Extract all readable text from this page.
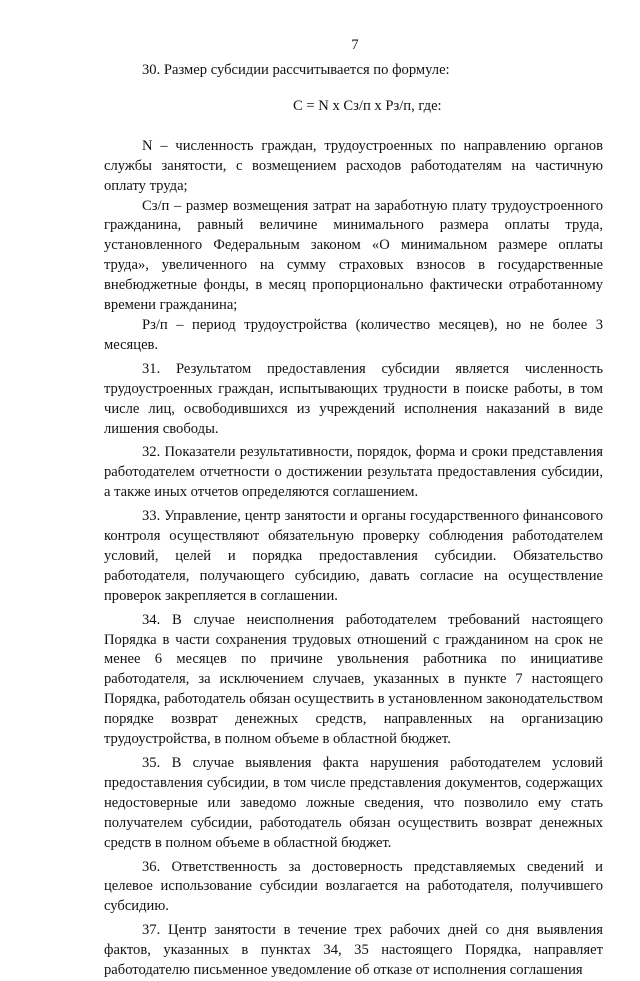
7

30. Размер субсидии рассчитывается по формуле:

С = N х Сз/п х Рз/п, где:

N – численность граждан, трудоустроенных по направлению органов службы занятости, с возмещением расходов работодателям на частичную оплату труда;

Сз/п – размер возмещения затрат на заработную плату трудоустроенного гражданина, равный величине минимального размера оплаты труда, установленного Федеральным законом «О минимальном размере оплаты труда», увеличенного на сумму страховых взносов в государственные внебюджетные фонды, в месяц пропорционально фактически отработанному времени гражданина;

Рз/п – период трудоустройства (количество месяцев), но не более 3 месяцев.

31. Результатом предоставления субсидии является численность трудоустроенных граждан, испытывающих трудности в поиске работы, в том числе лиц, освободившихся из учреждений исполнения наказаний в виде лишения свободы.

32. Показатели результативности, порядок, форма и сроки представления работодателем отчетности о достижении результата предоставления субсидии, а также иных отчетов определяются соглашением.

33. Управление, центр занятости и органы государственного финансового контроля осуществляют обязательную проверку соблюдения работодателем условий, целей и порядка предоставления субсидии. Обязательство работодателя, получающего субсидию, давать согласие на осуществление проверок закрепляется в соглашении.

34. В случае неисполнения работодателем требований настоящего Порядка в части сохранения трудовых отношений с гражданином на срок не менее 6 месяцев по причине увольнения работника по инициативе работодателя, за исключением случаев, указанных в пункте 7 настоящего Порядка, работодатель обязан осуществить в установленном законодательством порядке возврат денежных средств, направленных на организацию трудоустройства, в полном объеме в областной бюджет.

35. В случае выявления факта нарушения работодателем условий предоставления субсидии, в том числе представления документов, содержащих недостоверные или заведомо ложные сведения, что позволило ему стать получателем субсидии, работодатель обязан осуществить возврат денежных средств в полном объеме в областной бюджет.

36. Ответственность за достоверность представляемых сведений и целевое использование субсидии возлагается на работодателя, получившего субсидию.

37. Центр занятости в течение трех рабочих дней со дня выявления фактов, указанных в пунктах 34, 35 настоящего Порядка, направляет работодателю письменное уведомление об отказе от исполнения соглашения
